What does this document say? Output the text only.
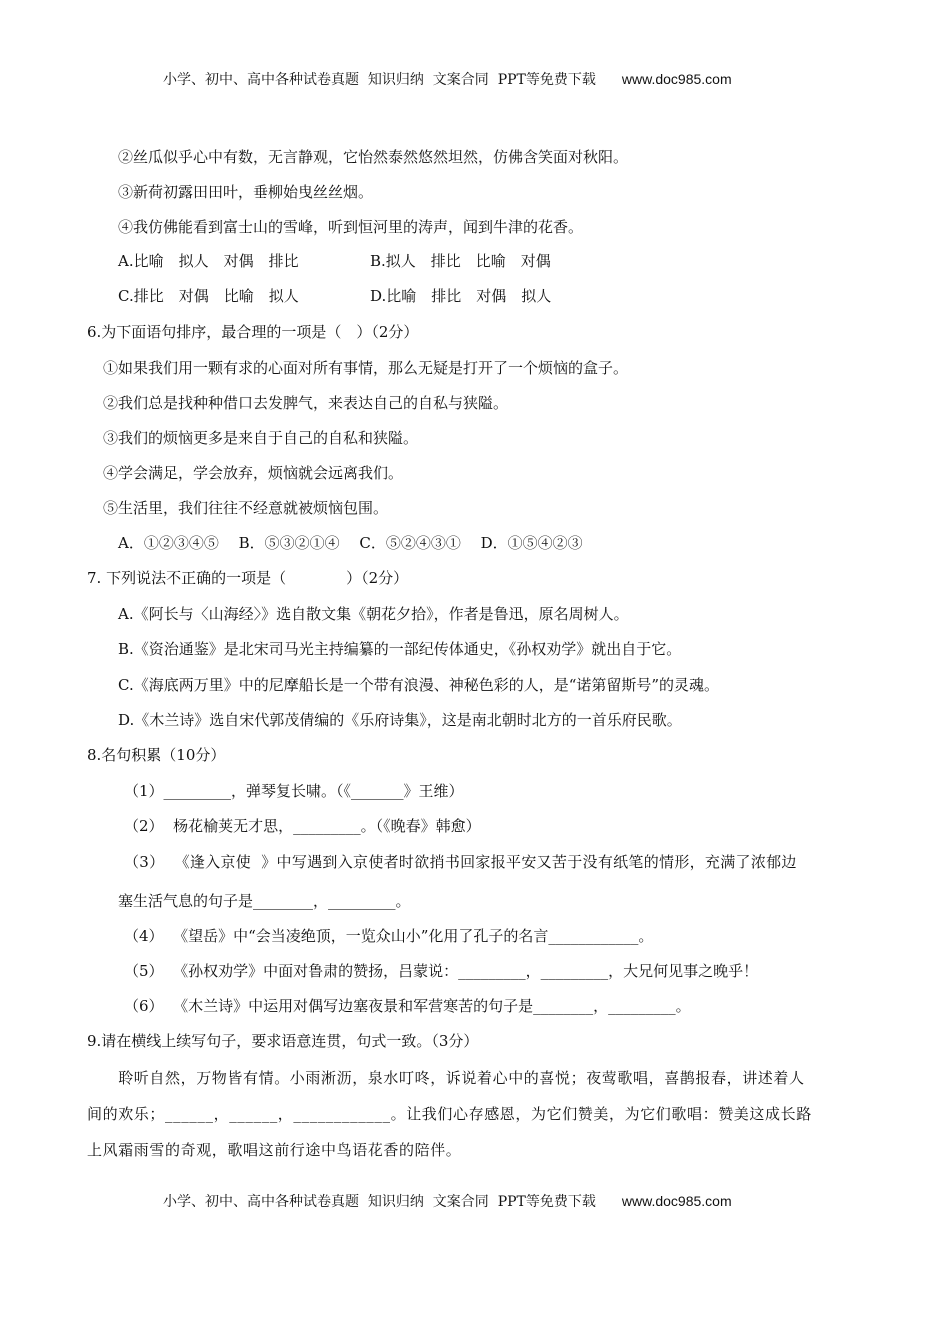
小学、初中、高中各种试卷真题  知识归纳  文案合同  PPT等免费下载 www.doc985.com
②丝瓜似乎心中有数，无言静观，它怡然泰然悠然坦然，仿佛含笑面对秋阳。
③新荷初露田田叶，垂柳始曳丝丝烟。
④我仿佛能看到富士山的雪峰，听到恒河里的涛声，闻到牛津的花香。
A.比喻　拟人　对偶　排比	B.拟人　排比　比喻　对偶
C.排比　对偶　比喻　拟人	D.比喻　排比　对偶　拟人
6.为下面语句排序，最合理的一项是（　）（2分）
①如果我们用一颗有求的心面对所有事情，那么无疑是打开了一个烦恼的盒子。
②我们总是找种种借口去发脾气，来表达自己的自私与狭隘。
③我们的烦恼更多是来自于自己的自私和狭隘。
④学会满足，学会放弃，烦恼就会远离我们。
⑤生活里，我们往往不经意就被烦恼包围。
A．①②③④⑤　 B．⑤③②①④　 C．⑤②④③①　 D．①⑤④②③
7. 下列说法不正确的一项是（　　　　）（2分）
A.《阿长与〈山海经〉》选自散文集《朝花夕拾》，作者是鲁迅，原名周树人。
B.《资治通鉴》是北宋司马光主持编纂的一部纪传体通史，《孙权劝学》就出自于它。
C.《海底两万里》中的尼摩船长是一个带有浪漫、神秘色彩的人，是“诺第留斯号”的灵魂。
D.《木兰诗》选自宋代郭茂倩编的《乐府诗集》，这是南北朝时北方的一首乐府民歌。
8.名句积累（10分）
（1）_________，弹琴复长啸。（《_______》王维）
（2）  杨花榆荚无才思，_________。（《晚春》韩愈）
（3）  《逢入京使  》中写遇到入京使者时欲捎书回家报平安又苦于没有纸笔的情形，充满了浓郁边
塞生活气息的句子是________，_________。
（4）  《望岳》中“会当凌绝顶，一览众山小”化用了孔子的名言____________。
（5）  《孙权劝学》中面对鲁肃的赞扬，吕蒙说：_________，_________，大兄何见事之晚乎！
（6）  《木兰诗》中运用对偶写边塞夜景和军营寒苦的句子是________，_________。
9.请在横线上续写句子，要求语意连贯，句式一致。（3分）
　　聆听自然，万物皆有情。小雨淅沥，泉水叮咚，诉说着心中的喜悦；夜莺歌唱，喜鹊报春，讲述着人
间的欢乐；______，______，____________。让我们心存感恩，为它们赞美，为它们歌唱：赞美这成长路
上风霜雨雪的奇观，歌唱这前行途中鸟语花香的陪伴。
小学、初中、高中各种试卷真题  知识归纳  文案合同  PPT等免费下载 www.doc985.com
